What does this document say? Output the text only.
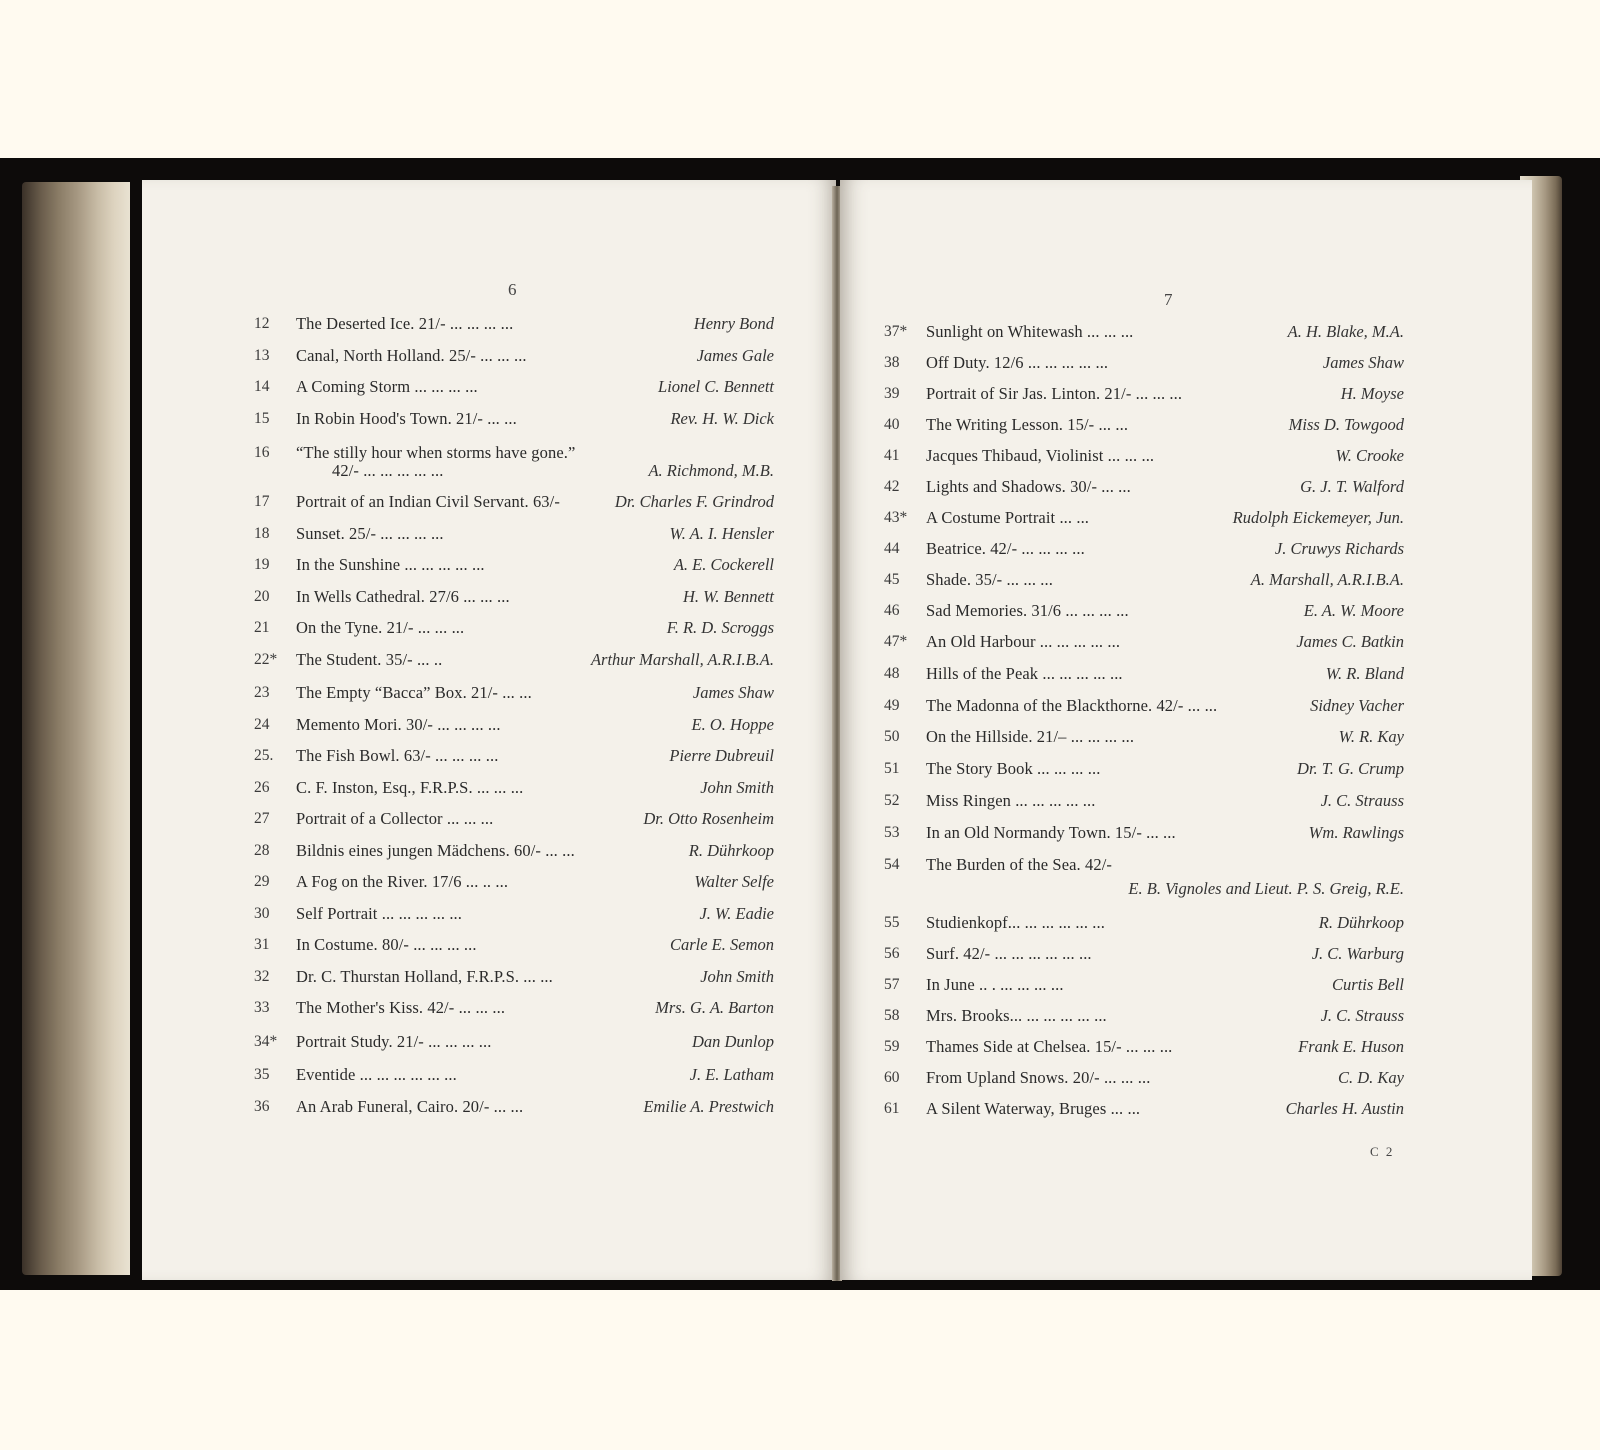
6
12	The Deserted Ice. 21/- ... ... ... ...	Henry Bond
13	Canal, North Holland. 25/- ... ... ...	James Gale
14	A Coming Storm ... ... ... ...	Lionel C. Bennett
15	In Robin Hood's Town. 21/- ... ...	Rev. H. W. Dick
16	“The stilly hour when storms have gone.”
42/- ... ... ... ... ...	A. Richmond, M.B.
17	Portrait of an Indian Civil Servant. 63/-	Dr. Charles F. Grindrod
18	Sunset. 25/- ... ... ... ...	W. A. I. Hensler
19	In the Sunshine ... ... ... ... ...	A. E. Cockerell
20	In Wells Cathedral. 27/6 ... ... ...	H. W. Bennett
21	On the Tyne. 21/- ... ... ...	F. R. D. Scroggs
22*	The Student. 35/- ... ..	Arthur Marshall, A.R.I.B.A.
23	The Empty “Bacca” Box. 21/- ... ...	James Shaw
24	Memento Mori. 30/- ... ... ... ...	E. O. Hoppe
25.	The Fish Bowl. 63/- ... ... ... ...	Pierre Dubreuil
26	C. F. Inston, Esq., F.R.P.S. ... ... ...	John Smith
27	Portrait of a Collector ... ... ...	Dr. Otto Rosenheim
28	Bildnis eines jungen Mädchens. 60/- ... ...	R. Dührkoop
29	A Fog on the River. 17/6 ... .. ...	Walter Selfe
30	Self Portrait ... ... ... ... ...	J. W. Eadie
31	In Costume. 80/- ... ... ... ...	Carle E. Semon
32	Dr. C. Thurstan Holland, F.R.P.S. ... ...	John Smith
33	The Mother's Kiss. 42/- ... ... ...	Mrs. G. A. Barton
34*	Portrait Study. 21/- ... ... ... ...	Dan Dunlop
35	Eventide ... ... ... ... ... ...	J. E. Latham
36	An Arab Funeral, Cairo. 20/- ... ...	Emilie A. Prestwich
7
37*	Sunlight on Whitewash ... ... ...	A. H. Blake, M.A.
38	Off Duty. 12/6 ... ... ... ... ...	James Shaw
39	Portrait of Sir Jas. Linton. 21/- ... ... ...	H. Moyse
40	The Writing Lesson. 15/- ... ...	Miss D. Towgood
41	Jacques Thibaud, Violinist ... ... ...	W. Crooke
42	Lights and Shadows. 30/- ... ...	G. J. T. Walford
43*	A Costume Portrait ... ...	Rudolph Eickemeyer, Jun.
44	Beatrice. 42/- ... ... ... ...	J. Cruwys Richards
45	Shade. 35/- ... ... ...	A. Marshall, A.R.I.B.A.
46	Sad Memories. 31/6 ... ... ... ...	E. A. W. Moore
47*	An Old Harbour ... ... ... ... ...	James C. Batkin
48	Hills of the Peak ... ... ... ... ...	W. R. Bland
49	The Madonna of the Blackthorne. 42/- ... ...	Sidney Vacher
50	On the Hillside. 21/– ... ... ... ...	W. R. Kay
51	The Story Book ... ... ... ...	Dr. T. G. Crump
52	Miss Ringen ... ... ... ... ...	J. C. Strauss
53	In an Old Normandy Town. 15/- ... ...	Wm. Rawlings
54	The Burden of the Sea. 42/-
E. B. Vignoles and Lieut. P. S. Greig, R.E.
55	Studienkopf... ... ... ... ... ...	R. Dührkoop
56	Surf. 42/- ... ... ... ... ... ...	J. C. Warburg
57	In June .. . ... ... ... ...	Curtis Bell
58	Mrs. Brooks... ... ... ... ... ...	J. C. Strauss
59	Thames Side at Chelsea. 15/- ... ... ...	Frank E. Huson
60	From Upland Snows. 20/- ... ... ...	C. D. Kay
61	A Silent Waterway, Bruges ... ...	Charles H. Austin
C 2
